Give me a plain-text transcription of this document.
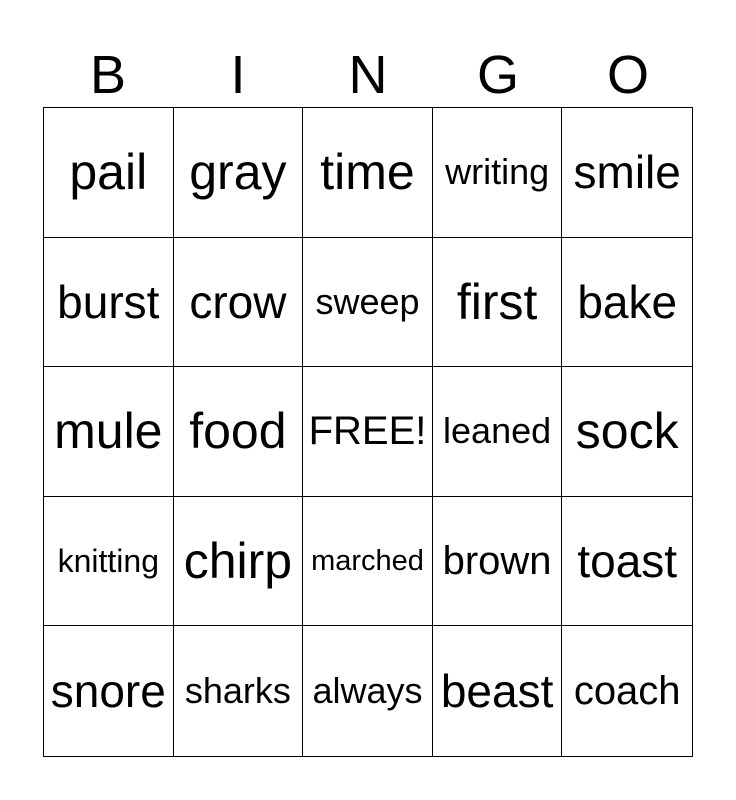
B	I	N	G	O
pail gray time writing smile
burst crow sweep first bake
mule food FREE! leaned sock
knitting chirp marched brown toast
snore sharks always beast coach
